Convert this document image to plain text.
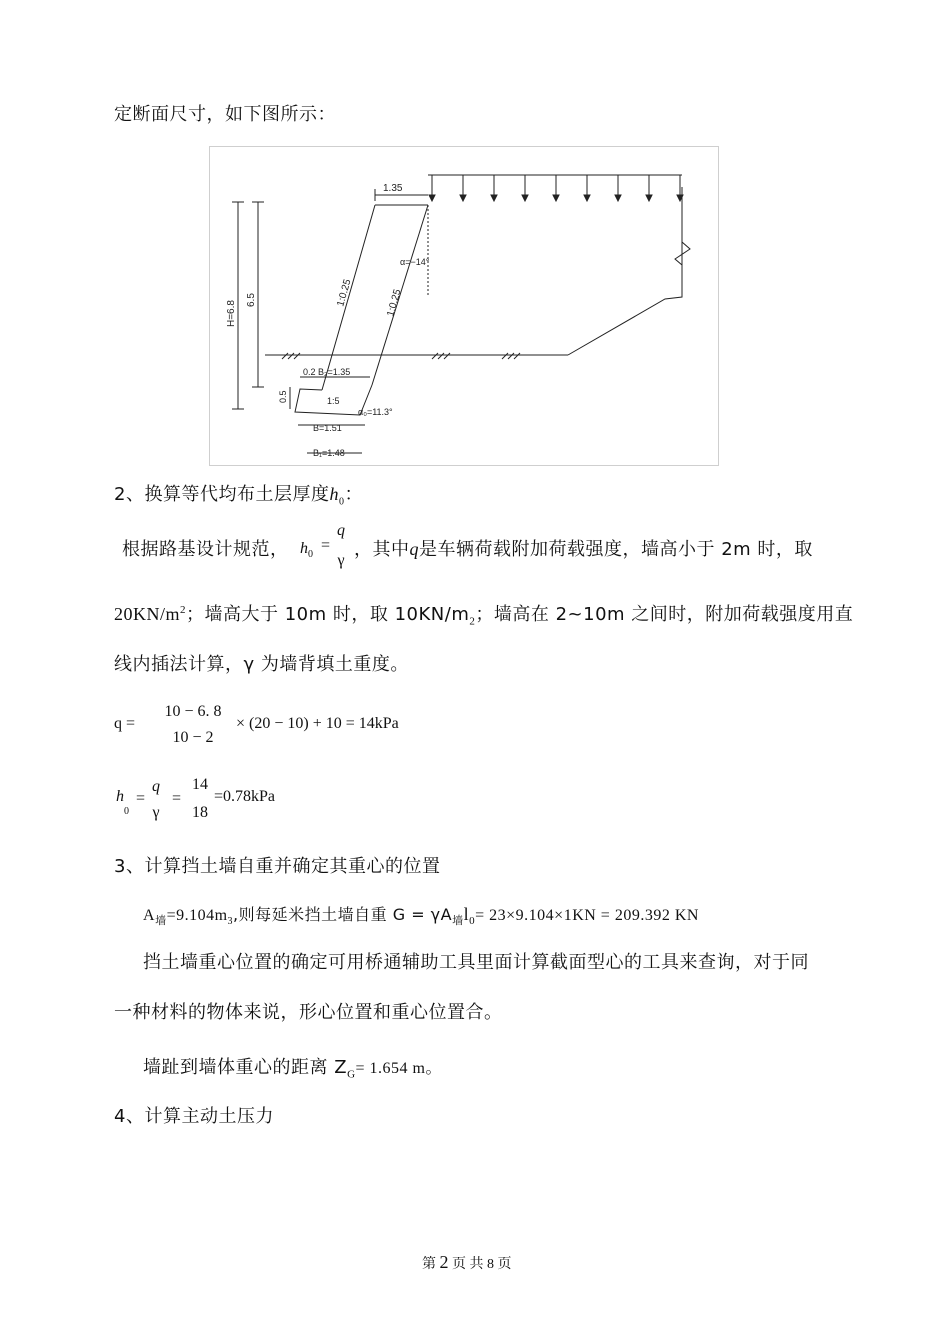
定断面尺寸，如下图所示：
1.35
H=6.8 6.5	1:0.25	1:0.25
α=−14°
0.2 B₂=1.35
0.5	1:5
α₀=11.3°
B=1.51
B₁=1.48
2、换算等代均布土层厚度$h_0$：
根据路基设计规范， $h_0$
=
q
γ
，其中q是车辆荷载附加荷载强度，墙高小于 2m 时，取
$20KN/m^2$；墙高大于 10m 时，取 $10KN/m_2$；墙高在 2~10m 之间时，附加荷载强度用直
线内插法计算，γ 为墙背填土重度。
q =
10 − 6. 8
10 − 2
× (20 − 10) + 10 = 14kPa
h
0
=
q
γ
=
14
18
=0.78kPa
3、计算挡土墙自重并确定其重心的位置
$A_墙=9.104m_3$,则每延米挡土墙自重 $G = \gamma A_墙l_0= 23\times 9.104\times 1KN = 209.392$ KN
挡土墙重心位置的确定可用桥通辅助工具里面计算截面型心的工具来查询，对于同
一种材料的物体来说，形心位置和重心位置合。
墙趾到墙体重心的距离 $Z_G= 1.654$ m。
4、计算主动土压力
第 2 页 共 8 页
